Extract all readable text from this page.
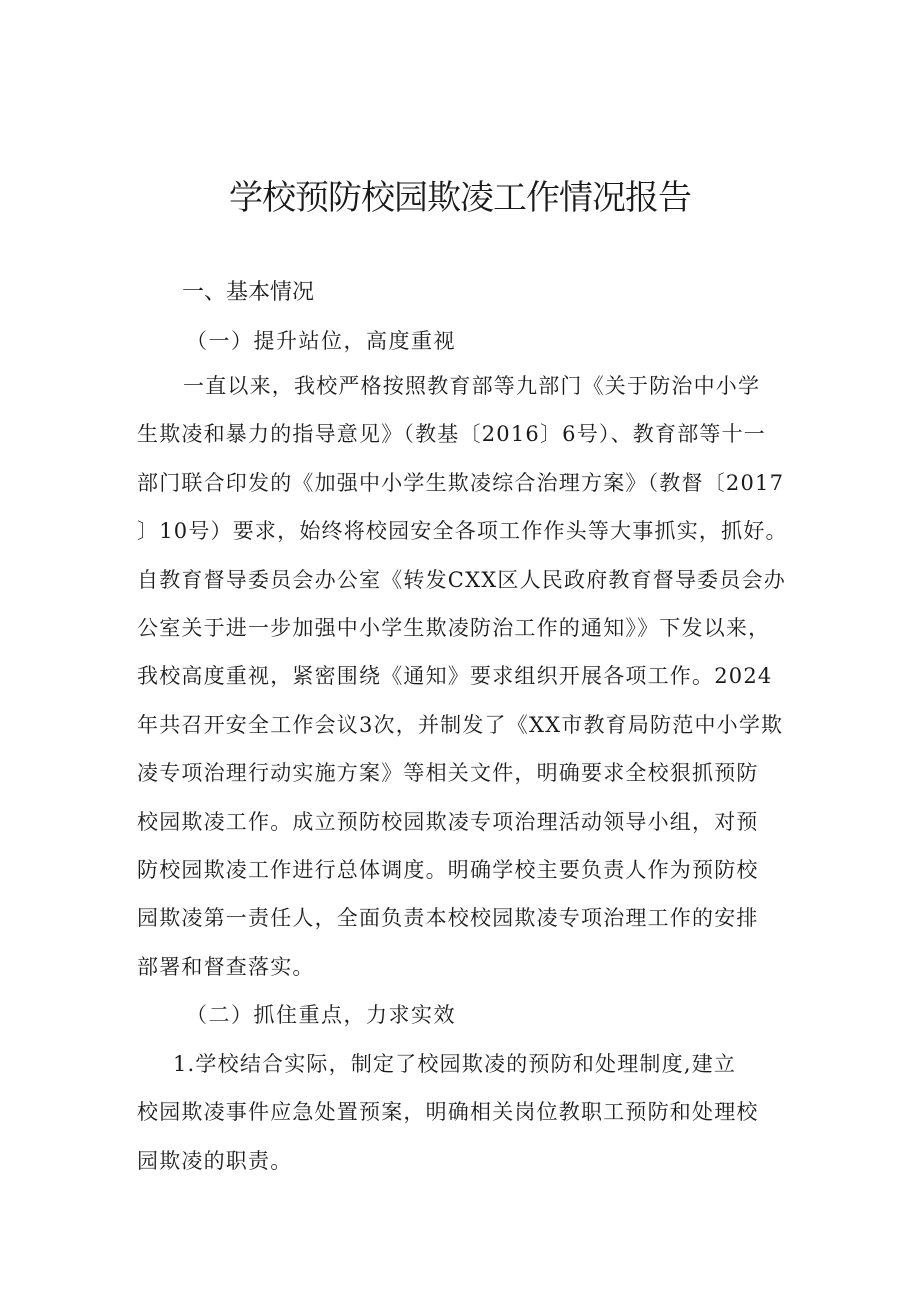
学校预防校园欺凌工作情况报告
一、基本情况
（一）提升站位，高度重视
一直以来，我校严格按照教育部等九部门《关于防治中小学
生欺凌和暴力的指导意见》（教基〔2016〕6号）、教育部等十一
部门联合印发的《加强中小学生欺凌综合治理方案》（教督〔2017
〕10号）要求，始终将校园安全各项工作作头等大事抓实，抓好。
自教育督导委员会办公室《转发CXX区人民政府教育督导委员会办
公室关于进一步加强中小学生欺凌防治工作的通知》》下发以来，
我校高度重视，紧密围绕《通知》要求组织开展各项工作。2024
年共召开安全工作会议3次，并制发了《XX市教育局防范中小学欺
凌专项治理行动实施方案》等相关文件，明确要求全校狠抓预防
校园欺凌工作。成立预防校园欺凌专项治理活动领导小组，对预
防校园欺凌工作进行总体调度。明确学校主要负责人作为预防校
园欺凌第一责任人，全面负责本校校园欺凌专项治理工作的安排
部署和督查落实。
（二）抓住重点，力求实效
1.学校结合实际，制定了校园欺凌的预防和处理制度,建立
校园欺凌事件应急处置预案，明确相关岗位教职工预防和处理校
园欺凌的职责。
